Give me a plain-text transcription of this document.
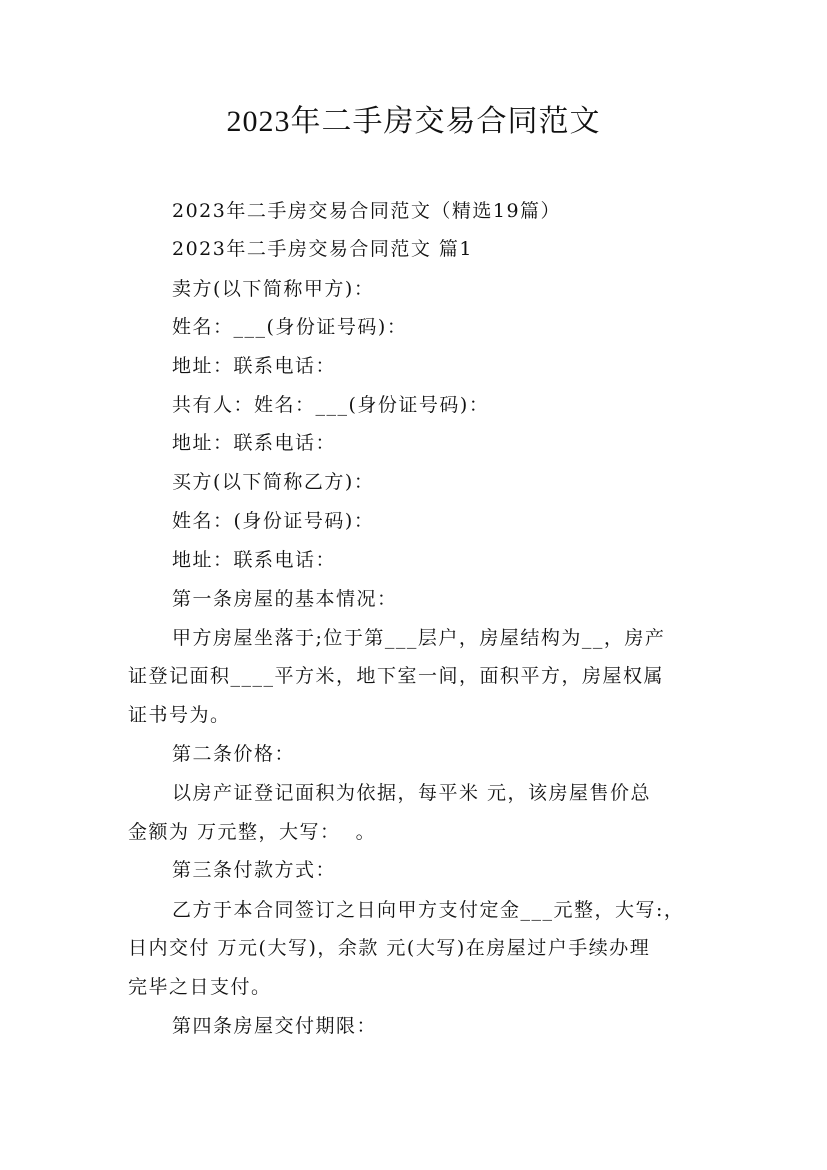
2023年二手房交易合同范文
2023年二手房交易合同范文（精选19篇）
2023年二手房交易合同范文 篇1
卖方(以下简称甲方)：
姓名：___(身份证号码)：
地址：联系电话：
共有人：姓名：___(身份证号码)：
地址：联系电话：
买方(以下简称乙方)：
姓名：(身份证号码)：
地址：联系电话：
第一条房屋的基本情况：
甲方房屋坐落于;位于第___层户，房屋结构为__，房产
证登记面积____平方米，地下室一间，面积平方，房屋权属
证书号为。
第二条价格：
以房产证登记面积为依据，每平米 元，该房屋售价总
金额为 万元整，大写：  。
第三条付款方式：
乙方于本合同签订之日向甲方支付定金___元整，大写:，
日内交付 万元(大写)，余款 元(大写)在房屋过户手续办理
完毕之日支付。
第四条房屋交付期限：
